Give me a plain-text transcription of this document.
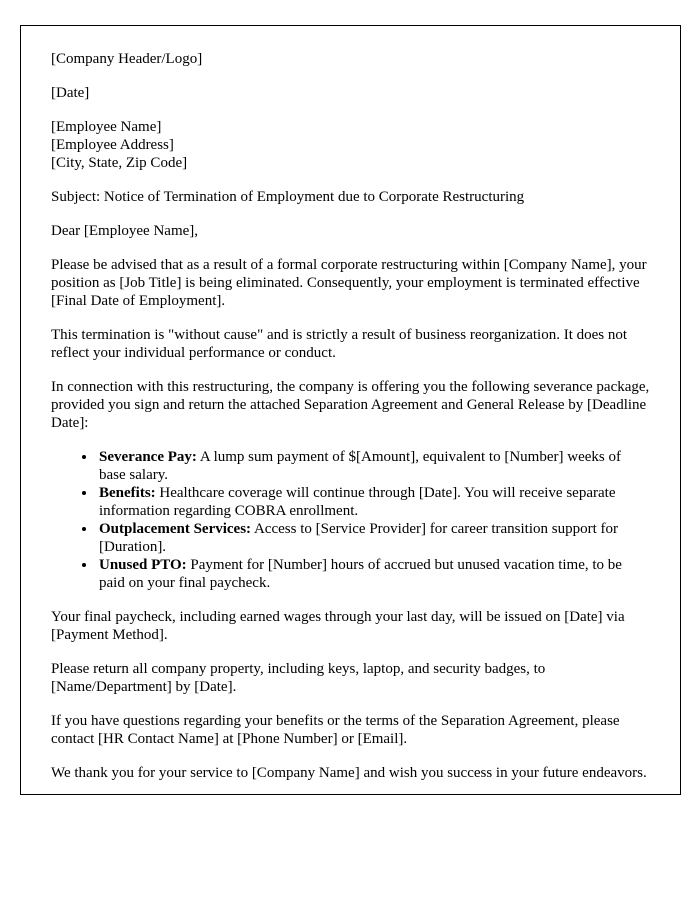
[Company Header/Logo]

[Date]

[Employee Name]

[Employee Address]

[City, State, Zip Code]

Subject: Notice of Termination of Employment due to Corporate Restructuring

Dear [Employee Name],

Please be advised that as a result of a formal corporate restructuring within [Company Name], your position as [Job Title] is being eliminated. Consequently, your employment is terminated effective [Final Date of Employment].

This termination is "without cause" and is strictly a result of business reorganization. It does not reflect your individual performance or conduct.

In connection with this restructuring, the company is offering you the following severance package, provided you sign and return the attached Separation Agreement and General Release by [Deadline Date]:

• Severance Pay: A lump sum payment of $[Amount], equivalent to [Number] weeks of base salary.
• Benefits: Healthcare coverage will continue through [Date]. You will receive separate information regarding COBRA enrollment.
• Outplacement Services: Access to [Service Provider] for career transition support for [Duration].
• Unused PTO: Payment for [Number] hours of accrued but unused vacation time, to be paid on your final paycheck.

Your final paycheck, including earned wages through your last day, will be issued on [Date] via [Payment Method].

Please return all company property, including keys, laptop, and security badges, to [Name/Department] by [Date].

If you have questions regarding your benefits or the terms of the Separation Agreement, please contact [HR Contact Name] at [Phone Number] or [Email].

We thank you for your service to [Company Name] and wish you success in your future endeavors.
